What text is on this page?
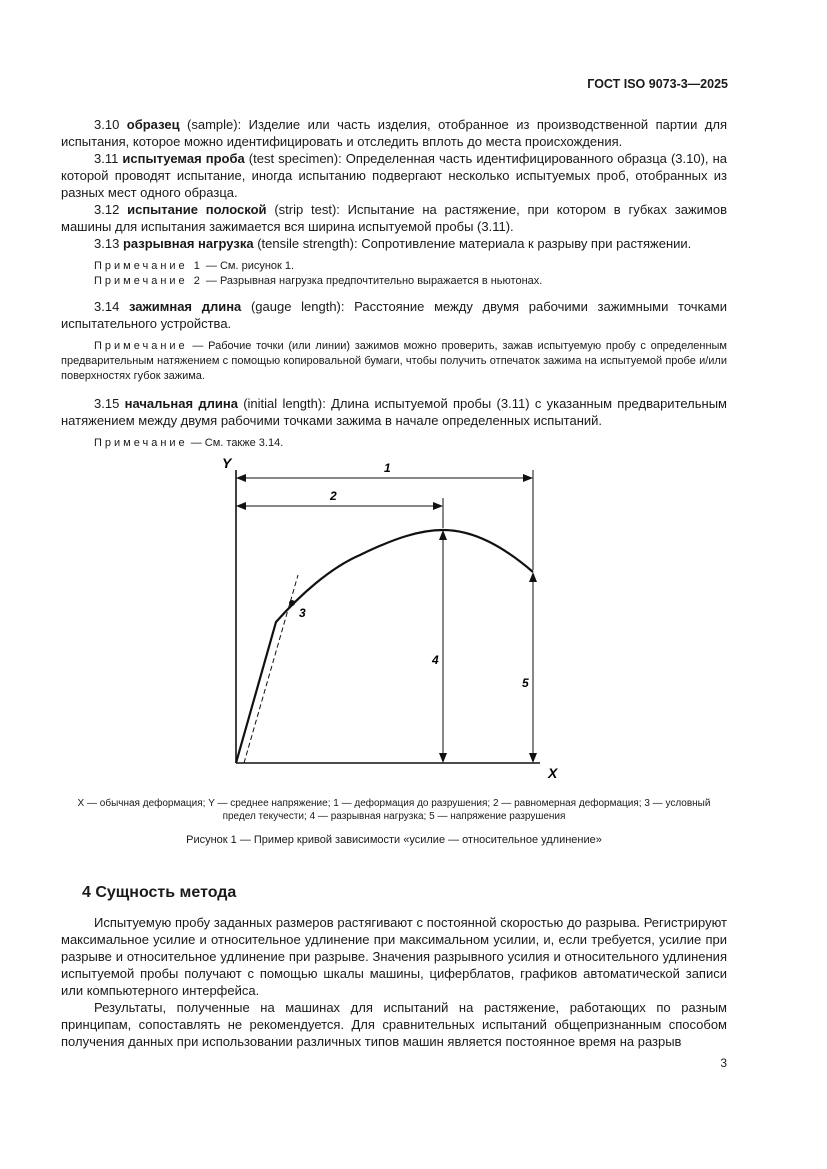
ГОСТ ISO 9073-3—2025
3.10 образец (sample): Изделие или часть изделия, отобранное из производственной партии для испытания, которое можно идентифицировать и отследить вплоть до места происхождения.
3.11 испытуемая проба (test specimen): Определенная часть идентифицированного образца (3.10), на которой проводят испытание, иногда испытанию подвергают несколько испытуемых проб, отобранных из разных мест одного образца.
3.12 испытание полоской (strip test): Испытание на растяжение, при котором в губках зажимов машины для испытания зажимается вся ширина испытуемой пробы (3.11).
3.13 разрывная нагрузка (tensile strength): Сопротивление материала к разрыву при растяжении.
Примечание 1 — См. рисунок 1.
Примечание 2 — Разрывная нагрузка предпочтительно выражается в ньютонах.
3.14 зажимная длина (gauge length): Расстояние между двумя рабочими зажимными точками испытательного устройства.
Примечание — Рабочие точки (или линии) зажимов можно проверить, зажав испытуемую пробу с определенным предварительным натяжением с помощью копировальной бумаги, чтобы получить отпечаток зажима на испытуемой пробе и/или поверхностях губок зажима.
3.15 начальная длина (initial length): Длина испытуемой пробы (3.11) с указанным предварительным натяжением между двумя рабочими точками зажима в начале определенных испытаний.
Примечание — См. также 3.14.
Y
X
1
2
3
4
5
X — обычная деформация; Y — среднее напряжение; 1 — деформация до разрушения; 2 — равномерная деформация; 3 — условный предел текучести; 4 — разрывная нагрузка; 5 — напряжение разрушения
Рисунок 1 — Пример кривой зависимости «усилие — относительное удлинение»
4 Сущность метода
Испытуемую пробу заданных размеров растягивают с постоянной скоростью до разрыва. Регистрируют максимальное усилие и относительное удлинение при максимальном усилии, и, если требуется, усилие при разрыве и относительное удлинение при разрыве. Значения разрывного усилия и относительного удлинения испытуемой пробы получают с помощью шкалы машины, циферблатов, графиков автоматической записи или компьютерного интерфейса.
Результаты, полученные на машинах для испытаний на растяжение, работающих по разным принципам, сопоставлять не рекомендуется. Для сравнительных испытаний общепризнанным способом получения данных при использовании различных типов машин является постоянное время на разрыв
3
